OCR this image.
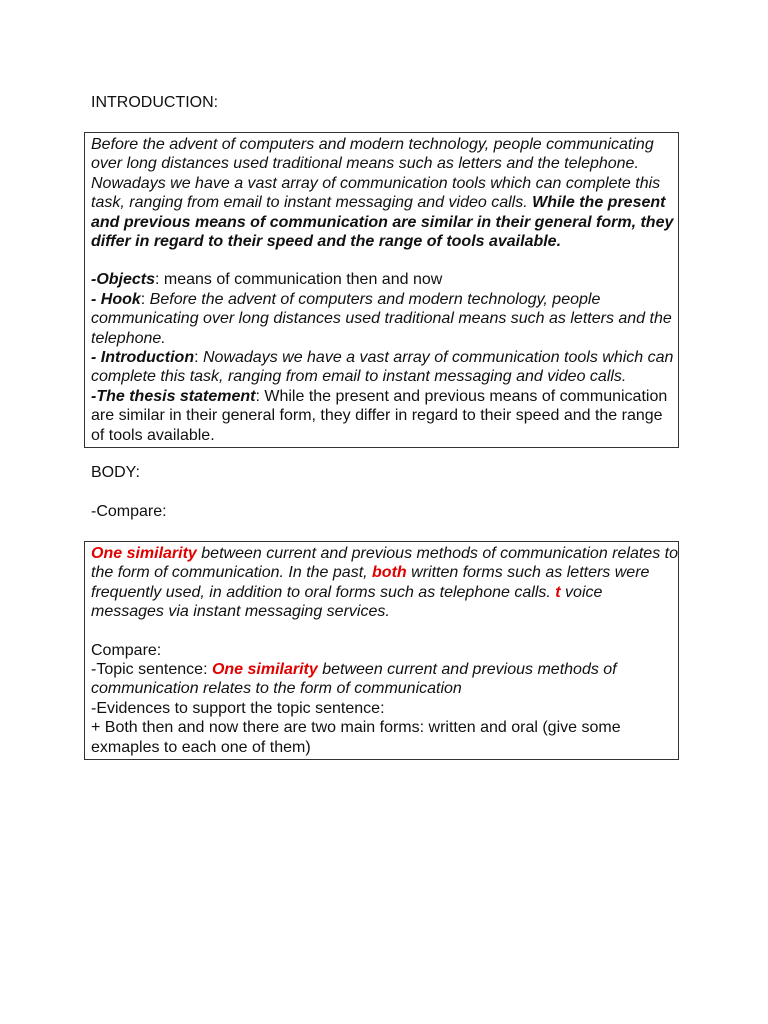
INTRODUCTION:

Before the advent of computers and modern technology, people communicating over long distances used traditional means such as letters and the telephone. Nowadays we have a vast array of communication tools which can complete this task, ranging from email to instant messaging and video calls. While the present and previous means of communication are similar in their general form, they differ in regard to their speed and the range of tools available.

-Objects: means of communication then and now

- Hook: Before the advent of computers and modern technology, people communicating over long distances used traditional means such as letters and the telephone.

- Introduction: Nowadays we have a vast array of communication tools which can complete this task, ranging from email to instant messaging and video calls.

-The thesis statement: While the present and previous means of communication are similar in their general form, they differ in regard to their speed and the range of tools available.

BODY:
-Compare:

One similarity between current and previous methods of communication relates to the form of communication. In the past, both written forms such as letters were frequently used, in addition to oral forms such as telephone calls. t voice messages via instant messaging services.

Compare:

-Topic sentence: One similarity between current and previous methods of communication relates to the form of communication

-Evidences to support the topic sentence:

+ Both then and now there are two main forms: written and oral (give some exmaples to each one of them)
